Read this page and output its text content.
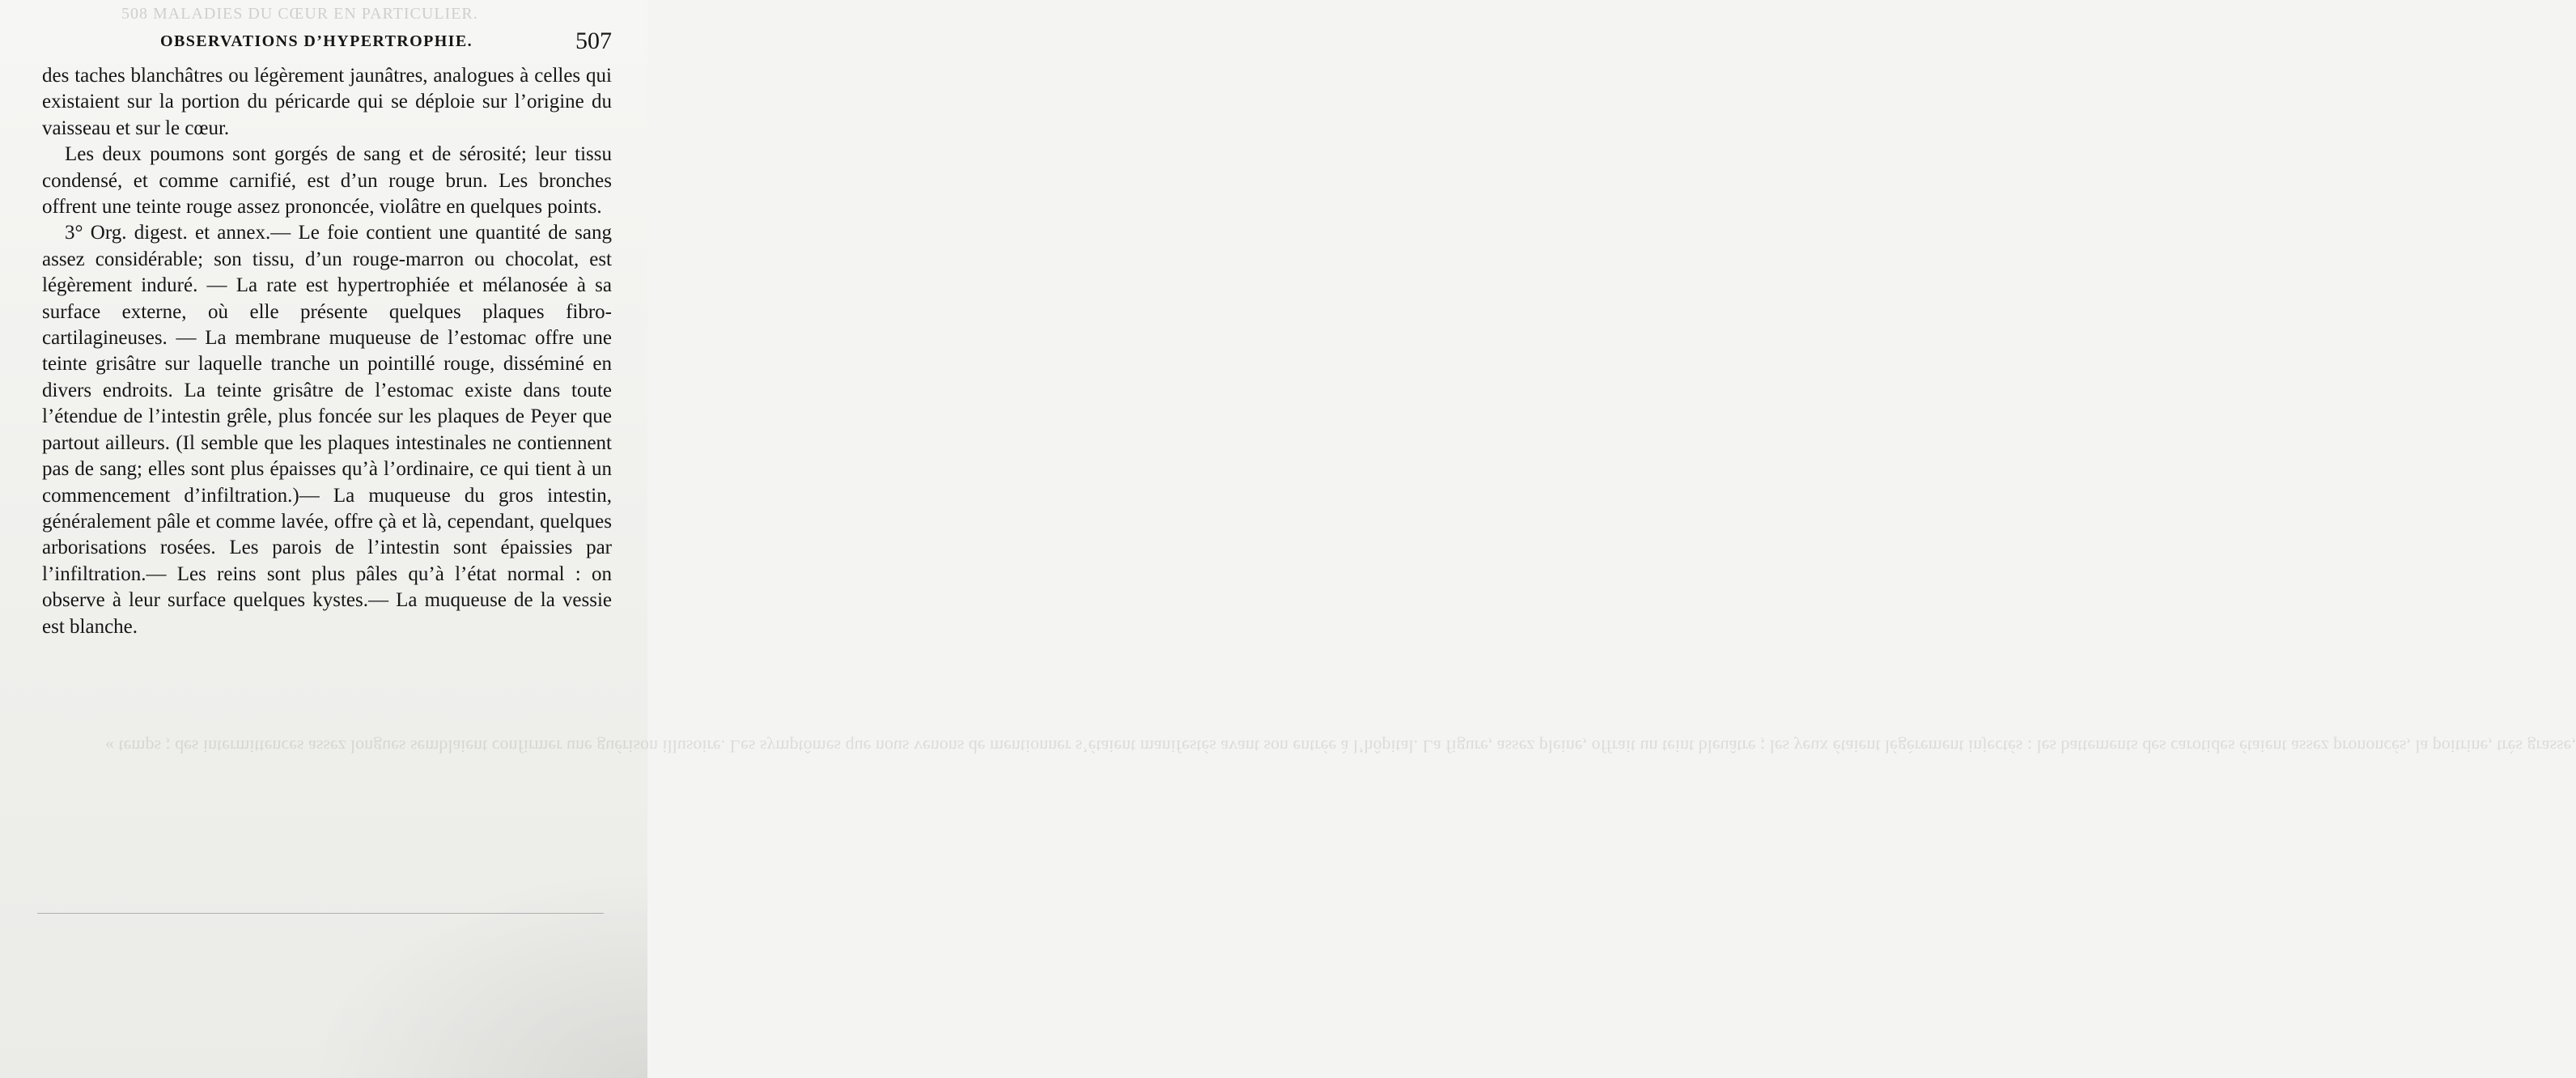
508 MALADIES DU CŒUR EN PARTICULIER.
OBSERVATIONS D’HYPERTROPHIE.	507

des taches blanchâtres ou légèrement jaunâtres, analogues à celles qui existaient sur la portion du péricarde qui se déploie sur l’origine du vaisseau et sur le cœur.

Les deux poumons sont gorgés de sang et de sérosité; leur tissu condensé, et comme carnifié, est d’un rouge brun. Les bronches offrent une teinte rouge assez prononcée, violâtre en quelques points.

3° Org. digest. et annex.— Le foie contient une quantité de sang assez considérable; son tissu, d’un rouge-marron ou chocolat, est légèrement induré. — La rate est hypertrophiée et mélanosée à sa surface externe, où elle présente quelques plaques fibro-cartilagineuses. — La membrane muqueuse de l’estomac offre une teinte grisâtre sur laquelle tranche un pointillé rouge, disséminé en divers endroits. La teinte grisâtre de l’estomac existe dans toute l’étendue de l’intestin grêle, plus foncée sur les plaques de Peyer que partout ailleurs. (Il semble que les plaques intestinales ne contiennent pas de sang; elles sont plus épaisses qu’à l’ordinaire, ce qui tient à un commencement d’infiltration.)— La muqueuse du gros intestin, généralement pâle et comme lavée, offre çà et là, cependant, quelques arborisations rosées. Les parois de l’intestin sont épaissies par l’infiltration.— Les reins sont plus pâles qu’à l’état normal : on observe à leur surface quelques kystes.— La muqueuse de la vessie est blanche.

« temps ; des intermittences assez longues semblaient confirmer une guérison illusoire. Les symptômes que nous venons de mentionner s’étaient manifestés avant son entrée à l’hôpital. La figure, assez pleine, offrait un teint bleuâtre ; les yeux étaient légèrement injectés : les battements des carotides étaient assez prononcés, la poitrine, très grasse,
